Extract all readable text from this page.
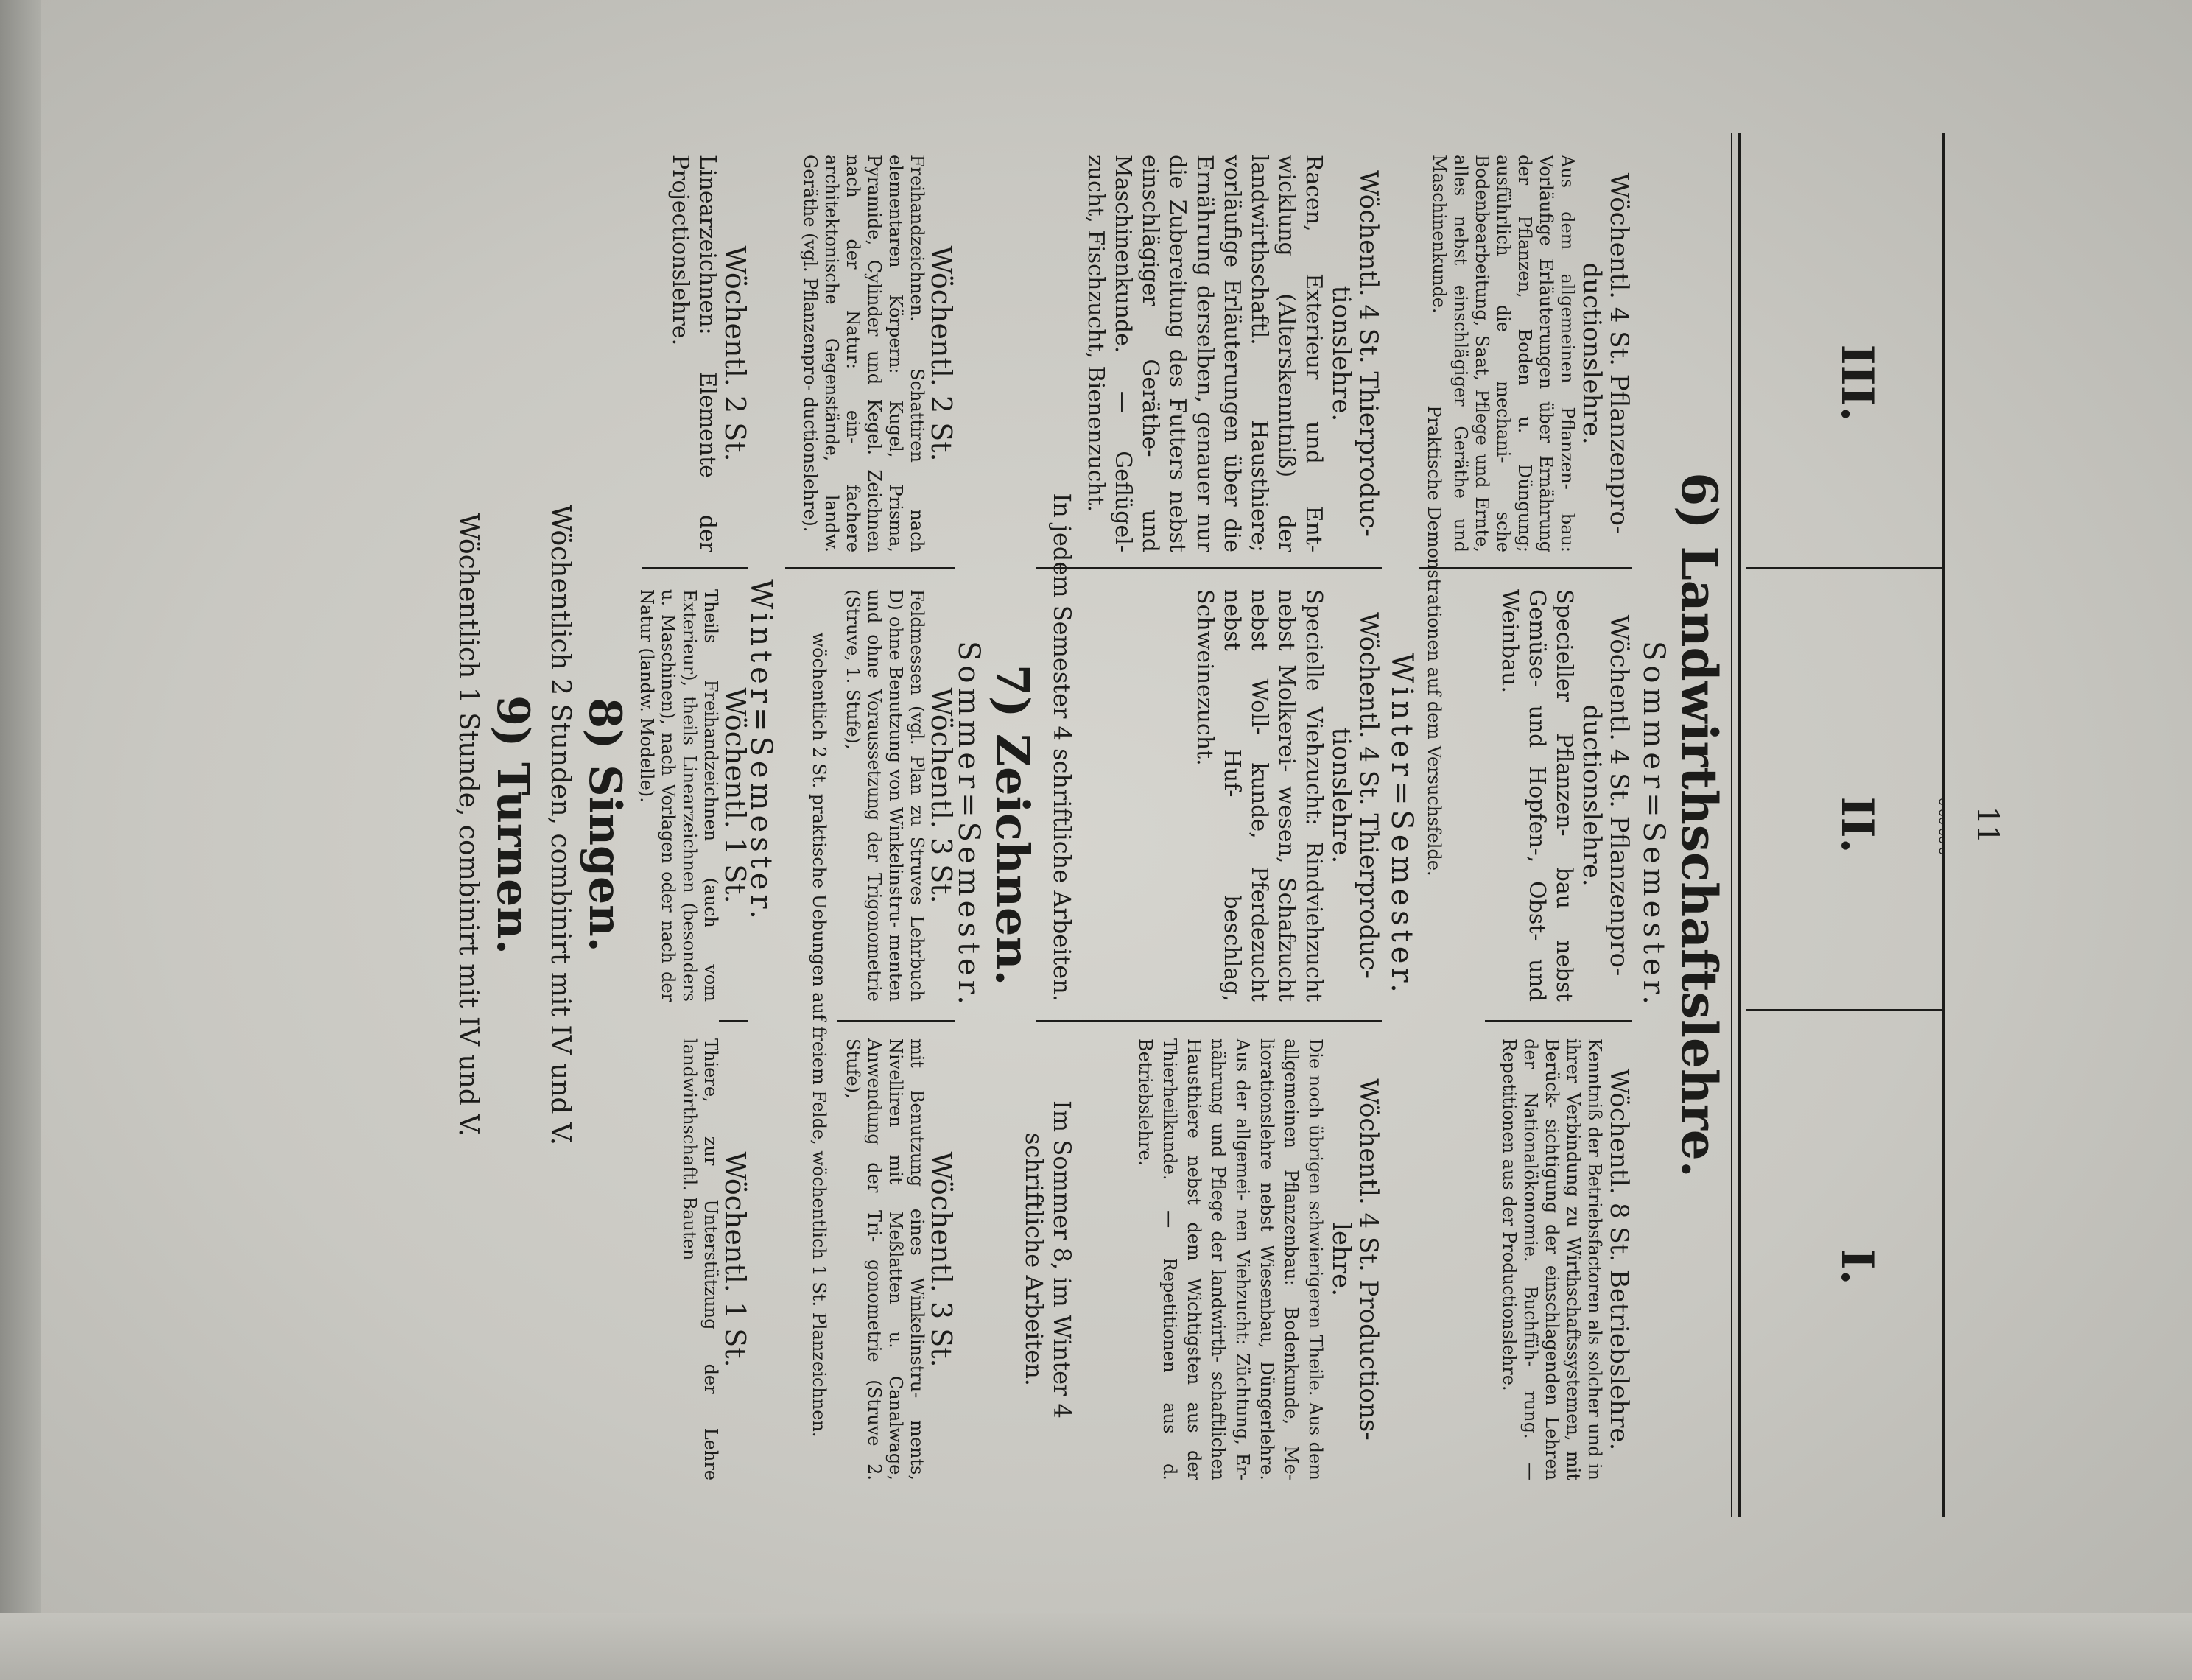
11
〰〰〰
III.
II.
I.
6) Landwirthschaftslehre.
Sommer=Semester.
Wöchentl. 4 St. Pflanzenpro- ductionslehre.
Aus dem allgemeinen Pflanzen- bau: Vorläufige Erläuterungen über Ernährung der Pflanzen, Boden u. Düngung; ausführlich die mechani- sche Bodenbearbeitung, Saat, Pflege und Ernte, alles nebst einschlägiger Geräthe und Maschinenkunde.
Wöchentl. 4 St. Pflanzenpro- ductionslehre.
Specieller Pflanzen- bau nebst Gemüse- und Hopfen-, Obst- und Weinbau.
Wöchentl. 8 St. Betriebslehre.
Kenntniß der Betriebsfactoren als solcher und in ihrer Verbindung zu Wirthschaftssystemen, mit Berück- sichtigung der einschlagenden Lehren der Nationalökonomie. Buchfüh- rung. — Repetitionen aus der Productionslehre.
Praktische Demonstrationen auf dem Versuchsfelde.
Winter=Semester.
Wöchentl. 4 St. Thierproduc- tionslehre.
Racen, Exterieur und Ent- wicklung (Alterskenntniß) der landwirthschaftl. Hausthiere; vorläufige Erläuterungen über die Ernährung derselben, genauer nur die Zubereitung des Futters nebst einschlägiger Geräthe- und Maschinenkunde. — Geflügel- zucht, Fischzucht, Bienenzucht.
Wöchentl. 4 St. Thierproduc- tionslehre.
Specielle Viehzucht: Rindviehzucht nebst Molkerei- wesen, Schafzucht nebst Woll- kunde, Pferdezucht nebst Huf- beschlag, Schweinezucht.
Wöchentl. 4 St. Productions- lehre.
Die noch übrigen schwierigeren Theile. Aus dem allgemeinen Pflanzenbau: Bodenkunde, Me- liorationslehre nebst Wiesenbau, Düngerlehre. Aus der allgemei- nen Viehzucht: Züchtung, Er- nährung und Pflege der landwirth- schaftlichen Hausthiere nebst dem Wichtigsten aus der Thierheilkunde. — Repetitionen aus d. Betriebslehre.
In jedem Semester 4 schriftliche Arbeiten.
Im Sommer 8, im Winter 4 schriftliche Arbeiten.
7) Zeichnen.
Sommer=Semester.
Wöchentl. 2 St.
Freihandzeichnen. Schattiren nach elementaren Körpern: Kugel, Prisma, Pyramide, Cylinder und Kegel. Zeichnen nach der Natur: ein- fachere architektonische Gegenstände, landw. Geräthe (vgl. Pflanzenpro- ductionslehre).
Wöchentl. 3 St.
Feldmessen (vgl. Plan zu Struves Lehrbuch D) ohne Benutzung von Winkelinstru- menten und ohne Voraussetzung der Trigonometrie (Struve, 1. Stufe),
Wöchentl. 3 St.
mit Benutzung eines Winkelinstru- ments, Nivelliren mit Meßlatten u. Canalwage, Anwendung der Tri- gonometrie (Struve 2. Stufe),
wöchentlich 2 St. praktische Uebungen auf freiem Felde, wöchentlich 1 St. Planzeichnen.
Winter=Semester.
Wöchentl. 2 St.
Linearzeichnen: Elemente der Projectionslehre.
Wöchentl. 1 St.
Theils Freihandzeichnen (auch vom Exterieur), theils Linearzeichnen (besonders u. Maschinen), nach Vorlagen oder nach der Natur (landw. Modelle).
Wöchentl. 1 St.
Thiere, zur Unterstützung der Lehre landwirthschaftl. Bauten
8) Singen.
Wöchentlich 2 Stunden, combinirt mit IV und V.
9) Turnen.
Wöchentlich 1 Stunde, combinirt mit IV und V.
